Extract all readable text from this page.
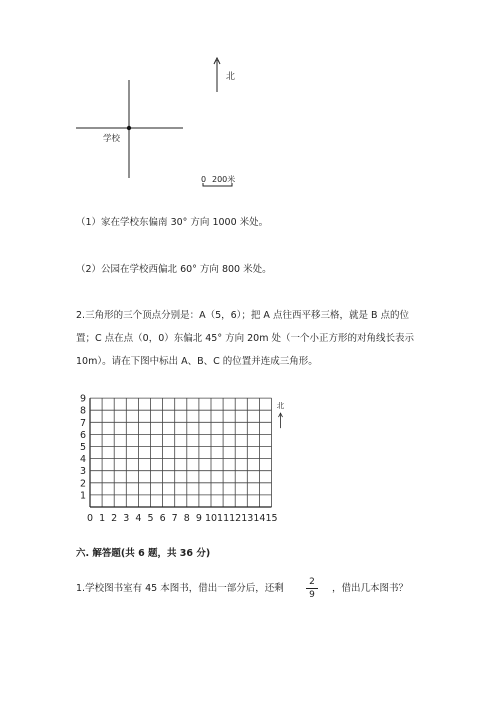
北
学校
0 200米
（1）家在学校东偏南 30° 方向 1000 米处。
（2）公园在学校西偏北 60° 方向 800 米处。
2.三角形的三个顶点分别是：A（5，6）；把 A 点往西平移三格，就是 B 点的位
置；C 点在点（0，0）东偏北 45° 方向 20m 处（一个小正方形的对角线长表示
10m）。请在下图中标出 A、B、C 的位置并连成三角形。
0 1 2 3 4 5 6 7 8 9 10 11 12 13 14 15
1
2
3
4
5
6
7
8
9
北
六. 解答题(共 6 题，共 36 分)
1.学校图书室有 45 本图书，借出一部分后，还剩
2
9
，借出几本图书？
